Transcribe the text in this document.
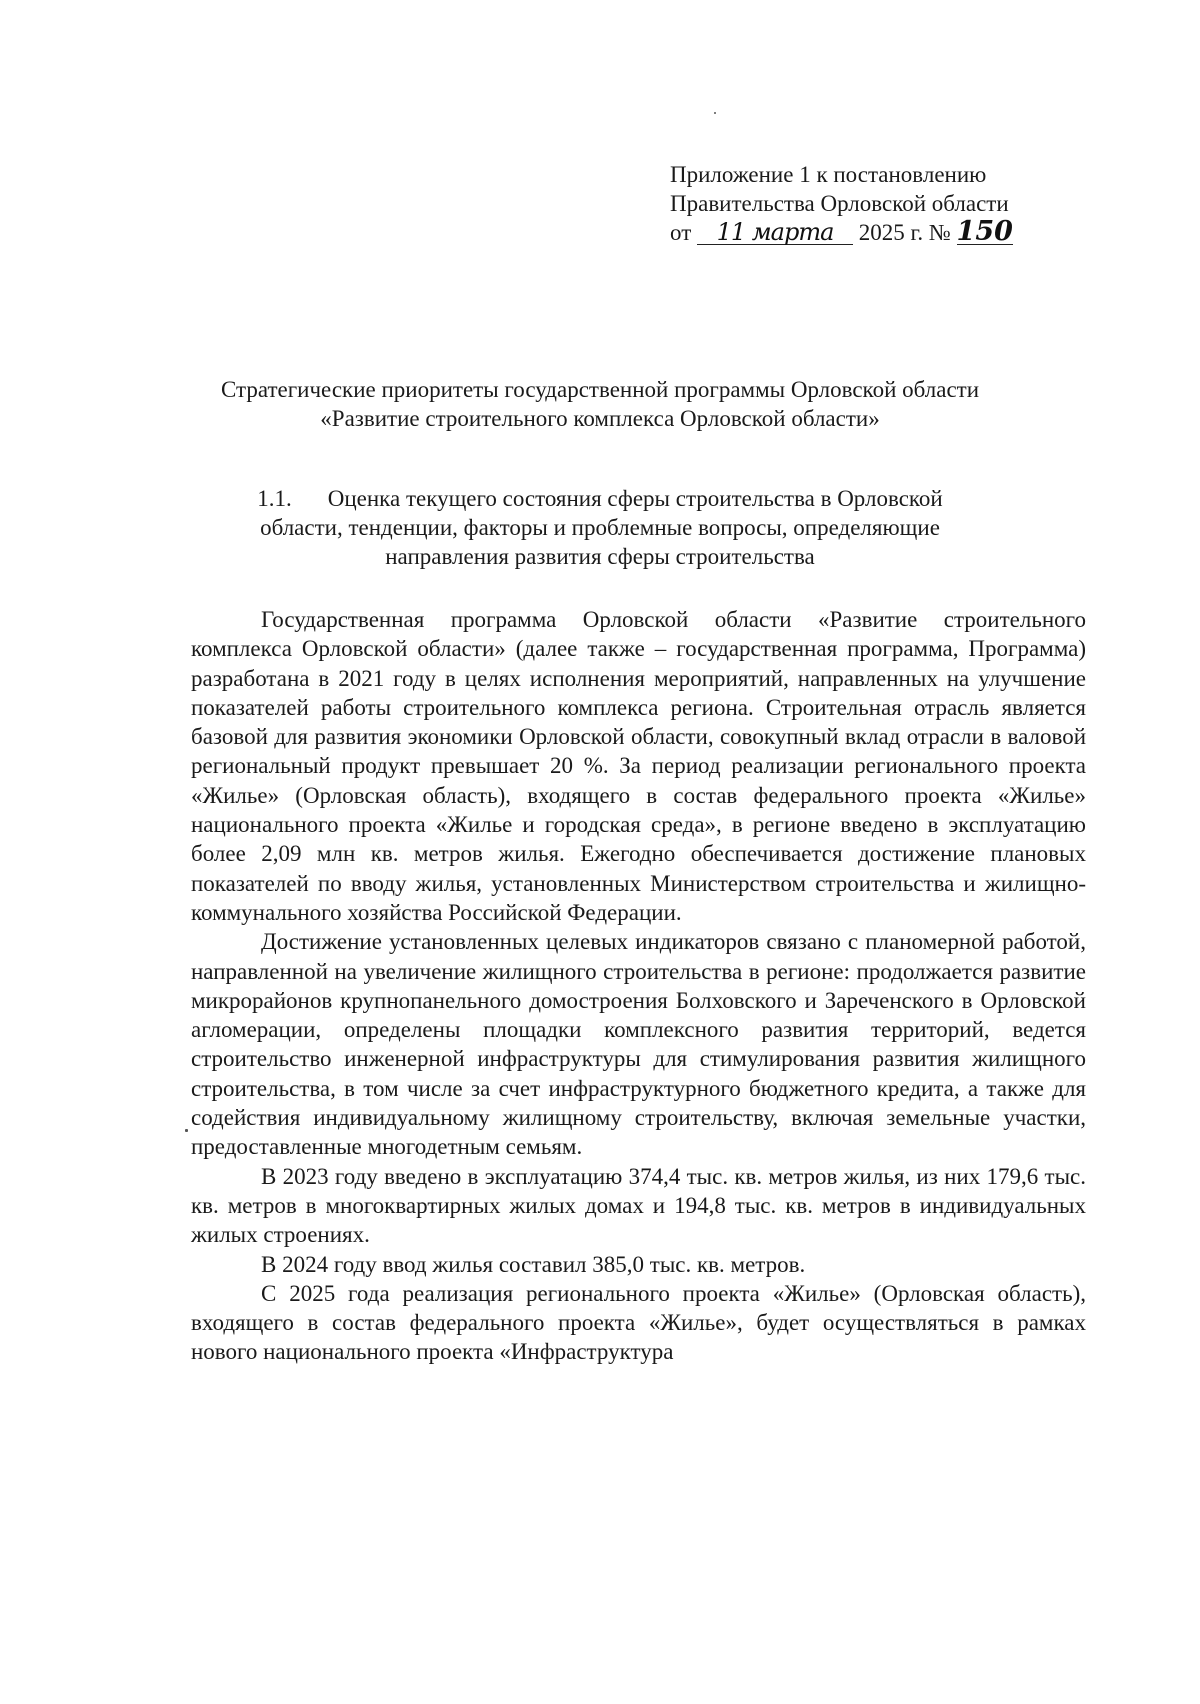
Приложение 1 к постановлению
Правительства Орловской области
от 11 марта 2025 г. № 150
Стратегические приоритеты государственной программы Орловской области
«Развитие строительного комплекса Орловской области»
1.1. Оценка текущего состояния сферы строительства в Орловской
области, тенденции, факторы и проблемные вопросы, определяющие
направления развития сферы строительства

Государственная программа Орловской области «Развитие строительного комплекса Орловской области» (далее также – государственная программа, Программа) разработана в 2021 году в целях исполнения мероприятий, направленных на улучшение показателей работы строительного комплекса региона. Строительная отрасль является базовой для развития экономики Орловской области, совокупный вклад отрасли в валовой региональный продукт превышает 20 %. За период реализации регионального проекта «Жилье» (Орловская область), входящего в состав федерального проекта «Жилье» национального проекта «Жилье и городская среда», в регионе введено в эксплуатацию более 2,09 млн кв. метров жилья. Ежегодно обеспечивается достижение плановых показателей по вводу жилья, установленных Министерством строительства и жилищно-коммунального хозяйства Российской Федерации.

Достижение установленных целевых индикаторов связано с планомерной работой, направленной на увеличение жилищного строительства в регионе: продолжается развитие микрорайонов крупнопанельного домостроения Болховского и Зареченского в Орловской агломерации, определены площадки комплексного развития территорий, ведется строительство инженерной инфраструктуры для стимулирования развития жилищного строительства, в том числе за счет инфраструктурного бюджетного кредита, а также для содействия индивидуальному жилищному строительству, включая земельные участки, предоставленные многодетным семьям.

В 2023 году введено в эксплуатацию 374,4 тыс. кв. метров жилья, из них 179,6 тыс. кв. метров в многоквартирных жилых домах и 194,8 тыс. кв. метров в индивидуальных жилых строениях.

В 2024 году ввод жилья составил 385,0 тыс. кв. метров.

С 2025 года реализация регионального проекта «Жилье» (Орловская область), входящего в состав федерального проекта «Жилье», будет осуществляться в рамках нового национального проекта «Инфраструктура
